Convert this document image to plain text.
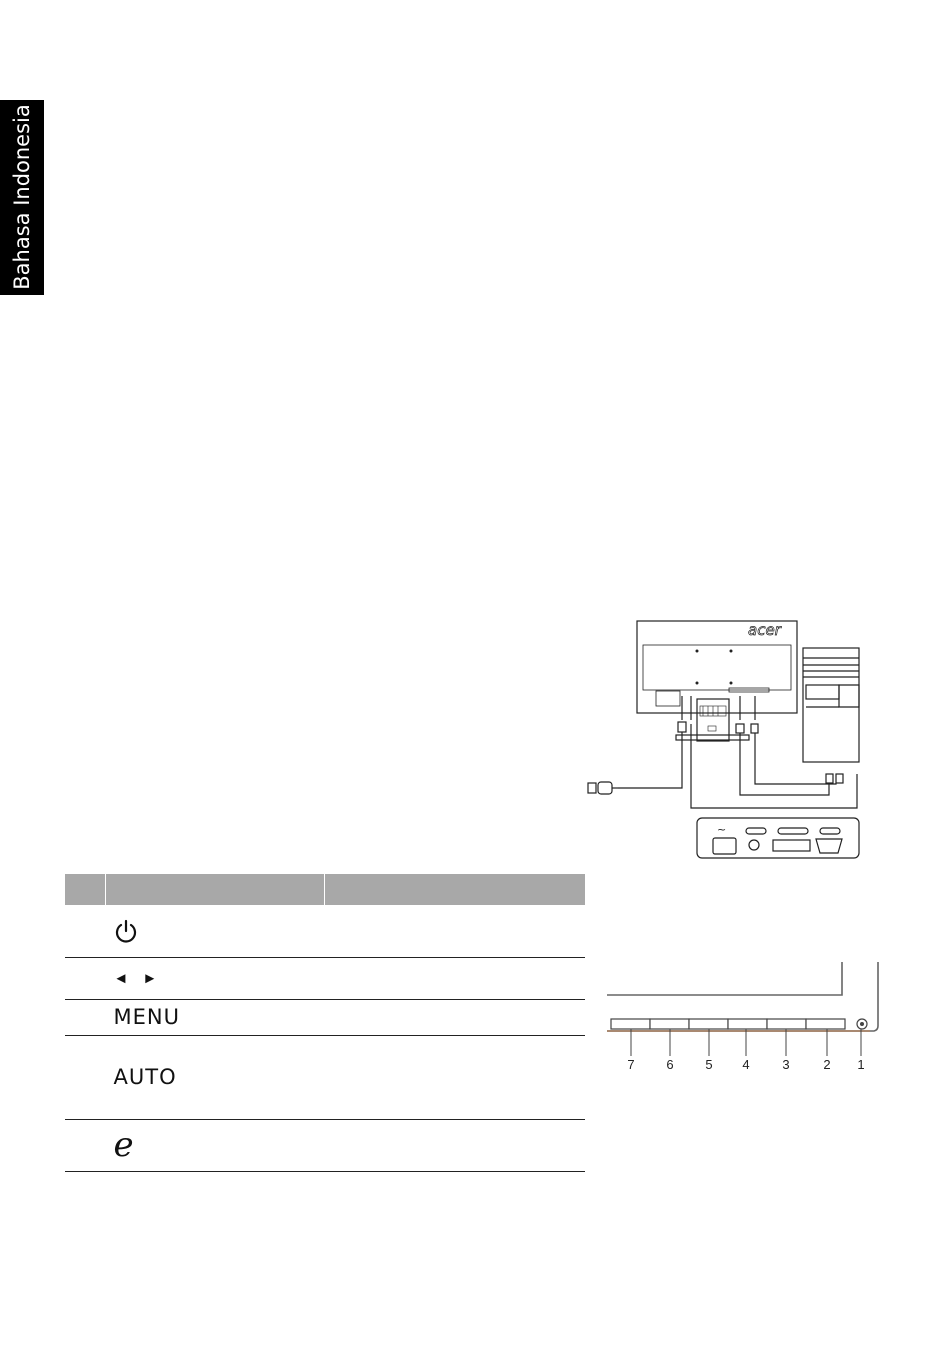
Bahasa Indonesia
~
acer
7 6 5 4	3	2 1

	◄ ►	
	MENU	
	AUTO	
	e	
